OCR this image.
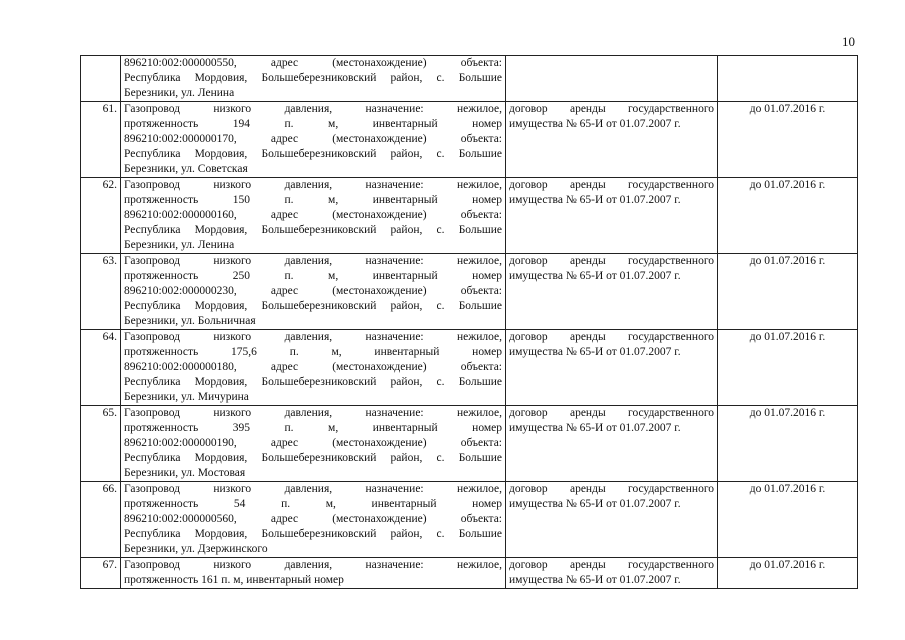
10

	896210:002:000000550, адрес (местонахождение) объекта:
Республика Мордовия, Большеберезниковский район, с. Большие
Березники, ул. Ленина		

61.	Газопровод низкого давления, назначение: нежилое,
протяженность 194 п. м, инвентарный номер
896210:002:000000170, адрес (местонахождение) объекта:
Республика Мордовия, Большеберезниковский район, с. Большие
Березники, ул. Советская	договор аренды государственного
имущества № 65-И от 01.07.2007 г.	до 01.07.2016 г.
62.	Газопровод низкого давления, назначение: нежилое,
протяженность 150 п. м, инвентарный номер
896210:002:000000160, адрес (местонахождение) объекта:
Республика Мордовия, Большеберезниковский район, с. Большие
Березники, ул. Ленина	договор аренды государственного
имущества № 65-И от 01.07.2007 г.	до 01.07.2016 г.
63.	Газопровод низкого давления, назначение: нежилое,
протяженность 250 п. м, инвентарный номер
896210:002:000000230, адрес (местонахождение) объекта:
Республика Мордовия, Большеберезниковский район, с. Большие
Березники, ул. Больничная	договор аренды государственного
имущества № 65-И от 01.07.2007 г.	до 01.07.2016 г.
64.	Газопровод низкого давления, назначение: нежилое,
протяженность 175,6 п. м, инвентарный номер
896210:002:000000180, адрес (местонахождение) объекта:
Республика Мордовия, Большеберезниковский район, с. Большие
Березники, ул. Мичурина	договор аренды государственного
имущества № 65-И от 01.07.2007 г.	до 01.07.2016 г.
65.	Газопровод низкого давления, назначение: нежилое,
протяженность 395 п. м, инвентарный номер
896210:002:000000190, адрес (местонахождение) объекта:
Республика Мордовия, Большеберезниковский район, с. Большие
Березники, ул. Мостовая	договор аренды государственного
имущества № 65-И от 01.07.2007 г.	до 01.07.2016 г.
66.	Газопровод низкого давления, назначение: нежилое,
протяженность 54 п. м, инвентарный номер
896210:002:000000560, адрес (местонахождение) объекта:
Республика Мордовия, Большеберезниковский район, с. Большие
Березники, ул. Дзержинского	договор аренды государственного
имущества № 65-И от 01.07.2007 г.	до 01.07.2016 г.
67.	Газопровод низкого давления, назначение: нежилое,
протяженность 161 п. м, инвентарный номер	договор аренды государственного
имущества № 65-И от 01.07.2007 г.	до 01.07.2016 г.
